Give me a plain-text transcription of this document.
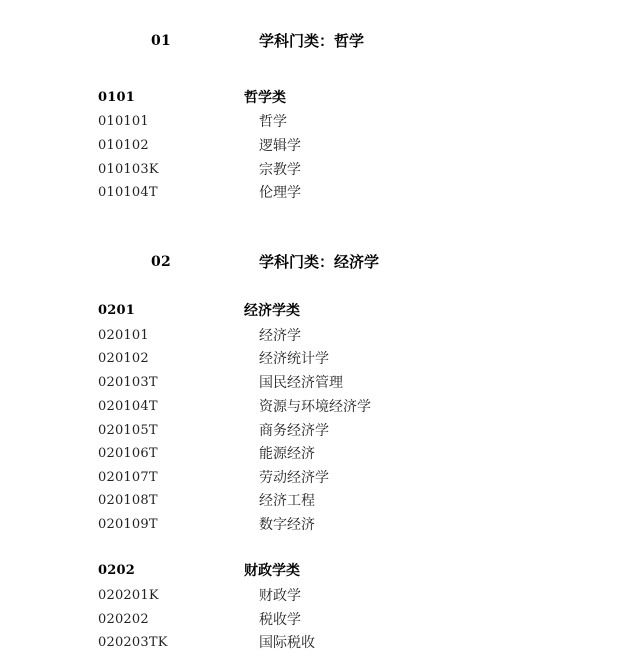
01	学科门类：哲学
0101	哲学类
010101	哲学
010102	逻辑学
010103K	宗教学
010104T	伦理学
02	学科门类：经济学
0201	经济学类
020101	经济学
020102	经济统计学
020103T	国民经济管理
020104T	资源与环境经济学
020105T	商务经济学
020106T	能源经济
020107T	劳动经济学
020108T	经济工程
020109T	数字经济
0202	财政学类
020201K	财政学
020202	税收学
020203TK	国际税收
